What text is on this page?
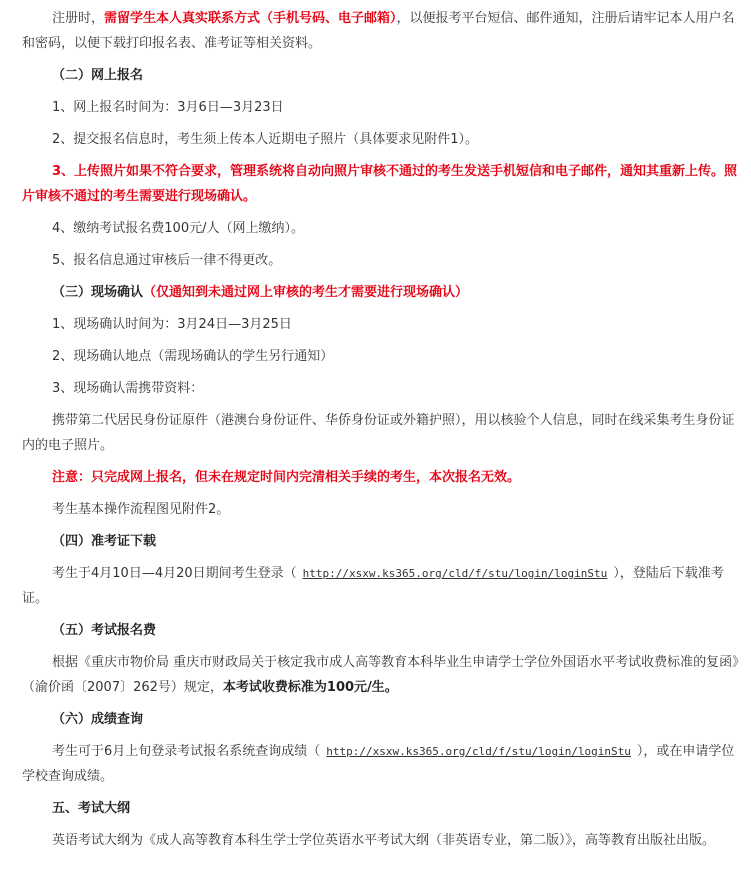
注册时，需留学生本人真实联系方式（手机号码、电子邮箱），以便报考平台短信、邮件通知，注册后请牢记本人用户名和密码，以便下载打印报名表、准考证等相关资料。

（二）网上报名

1、网上报名时间为：3月6日—3月23日

2、提交报名信息时，考生须上传本人近期电子照片（具体要求见附件1）。

3、上传照片如果不符合要求，管理系统将自动向照片审核不通过的考生发送手机短信和电子邮件，通知其重新上传。照片审核不通过的考生需要进行现场确认。

4、缴纳考试报名费100元/人（网上缴纳）。

5、报名信息通过审核后一律不得更改。

（三）现场确认（仅通知到未通过网上审核的考生才需要进行现场确认）

1、现场确认时间为：3月24日—3月25日

2、现场确认地点（需现场确认的学生另行通知）

3、现场确认需携带资料：

携带第二代居民身份证原件（港澳台身份证件、华侨身份证或外籍护照），用以核验个人信息，同时在线采集考生身份证内的电子照片。

注意：只完成网上报名，但未在规定时间内完清相关手续的考生，本次报名无效。

考生基本操作流程图见附件2。

（四）准考证下载

考生于4月10日—4月20日期间考生登录（ http://xsxw.ks365.org/cld/f/stu/login/loginStu ），登陆后下载准考证。

（五）考试报名费

根据《重庆市物价局 重庆市财政局关于核定我市成人高等教育本科毕业生申请学士学位外国语水平考试收费标准的复函》（渝价函〔2007〕262号）规定，本考试收费标准为100元/生。

（六）成绩查询

考生可于6月上旬登录考试报名系统查询成绩（ http://xsxw.ks365.org/cld/f/stu/login/loginStu ），或在申请学位学校查询成绩。

五、考试大纲

英语考试大纲为《成人高等教育本科生学士学位英语水平考试大纲（非英语专业，第二版）》，高等教育出版社出版。
